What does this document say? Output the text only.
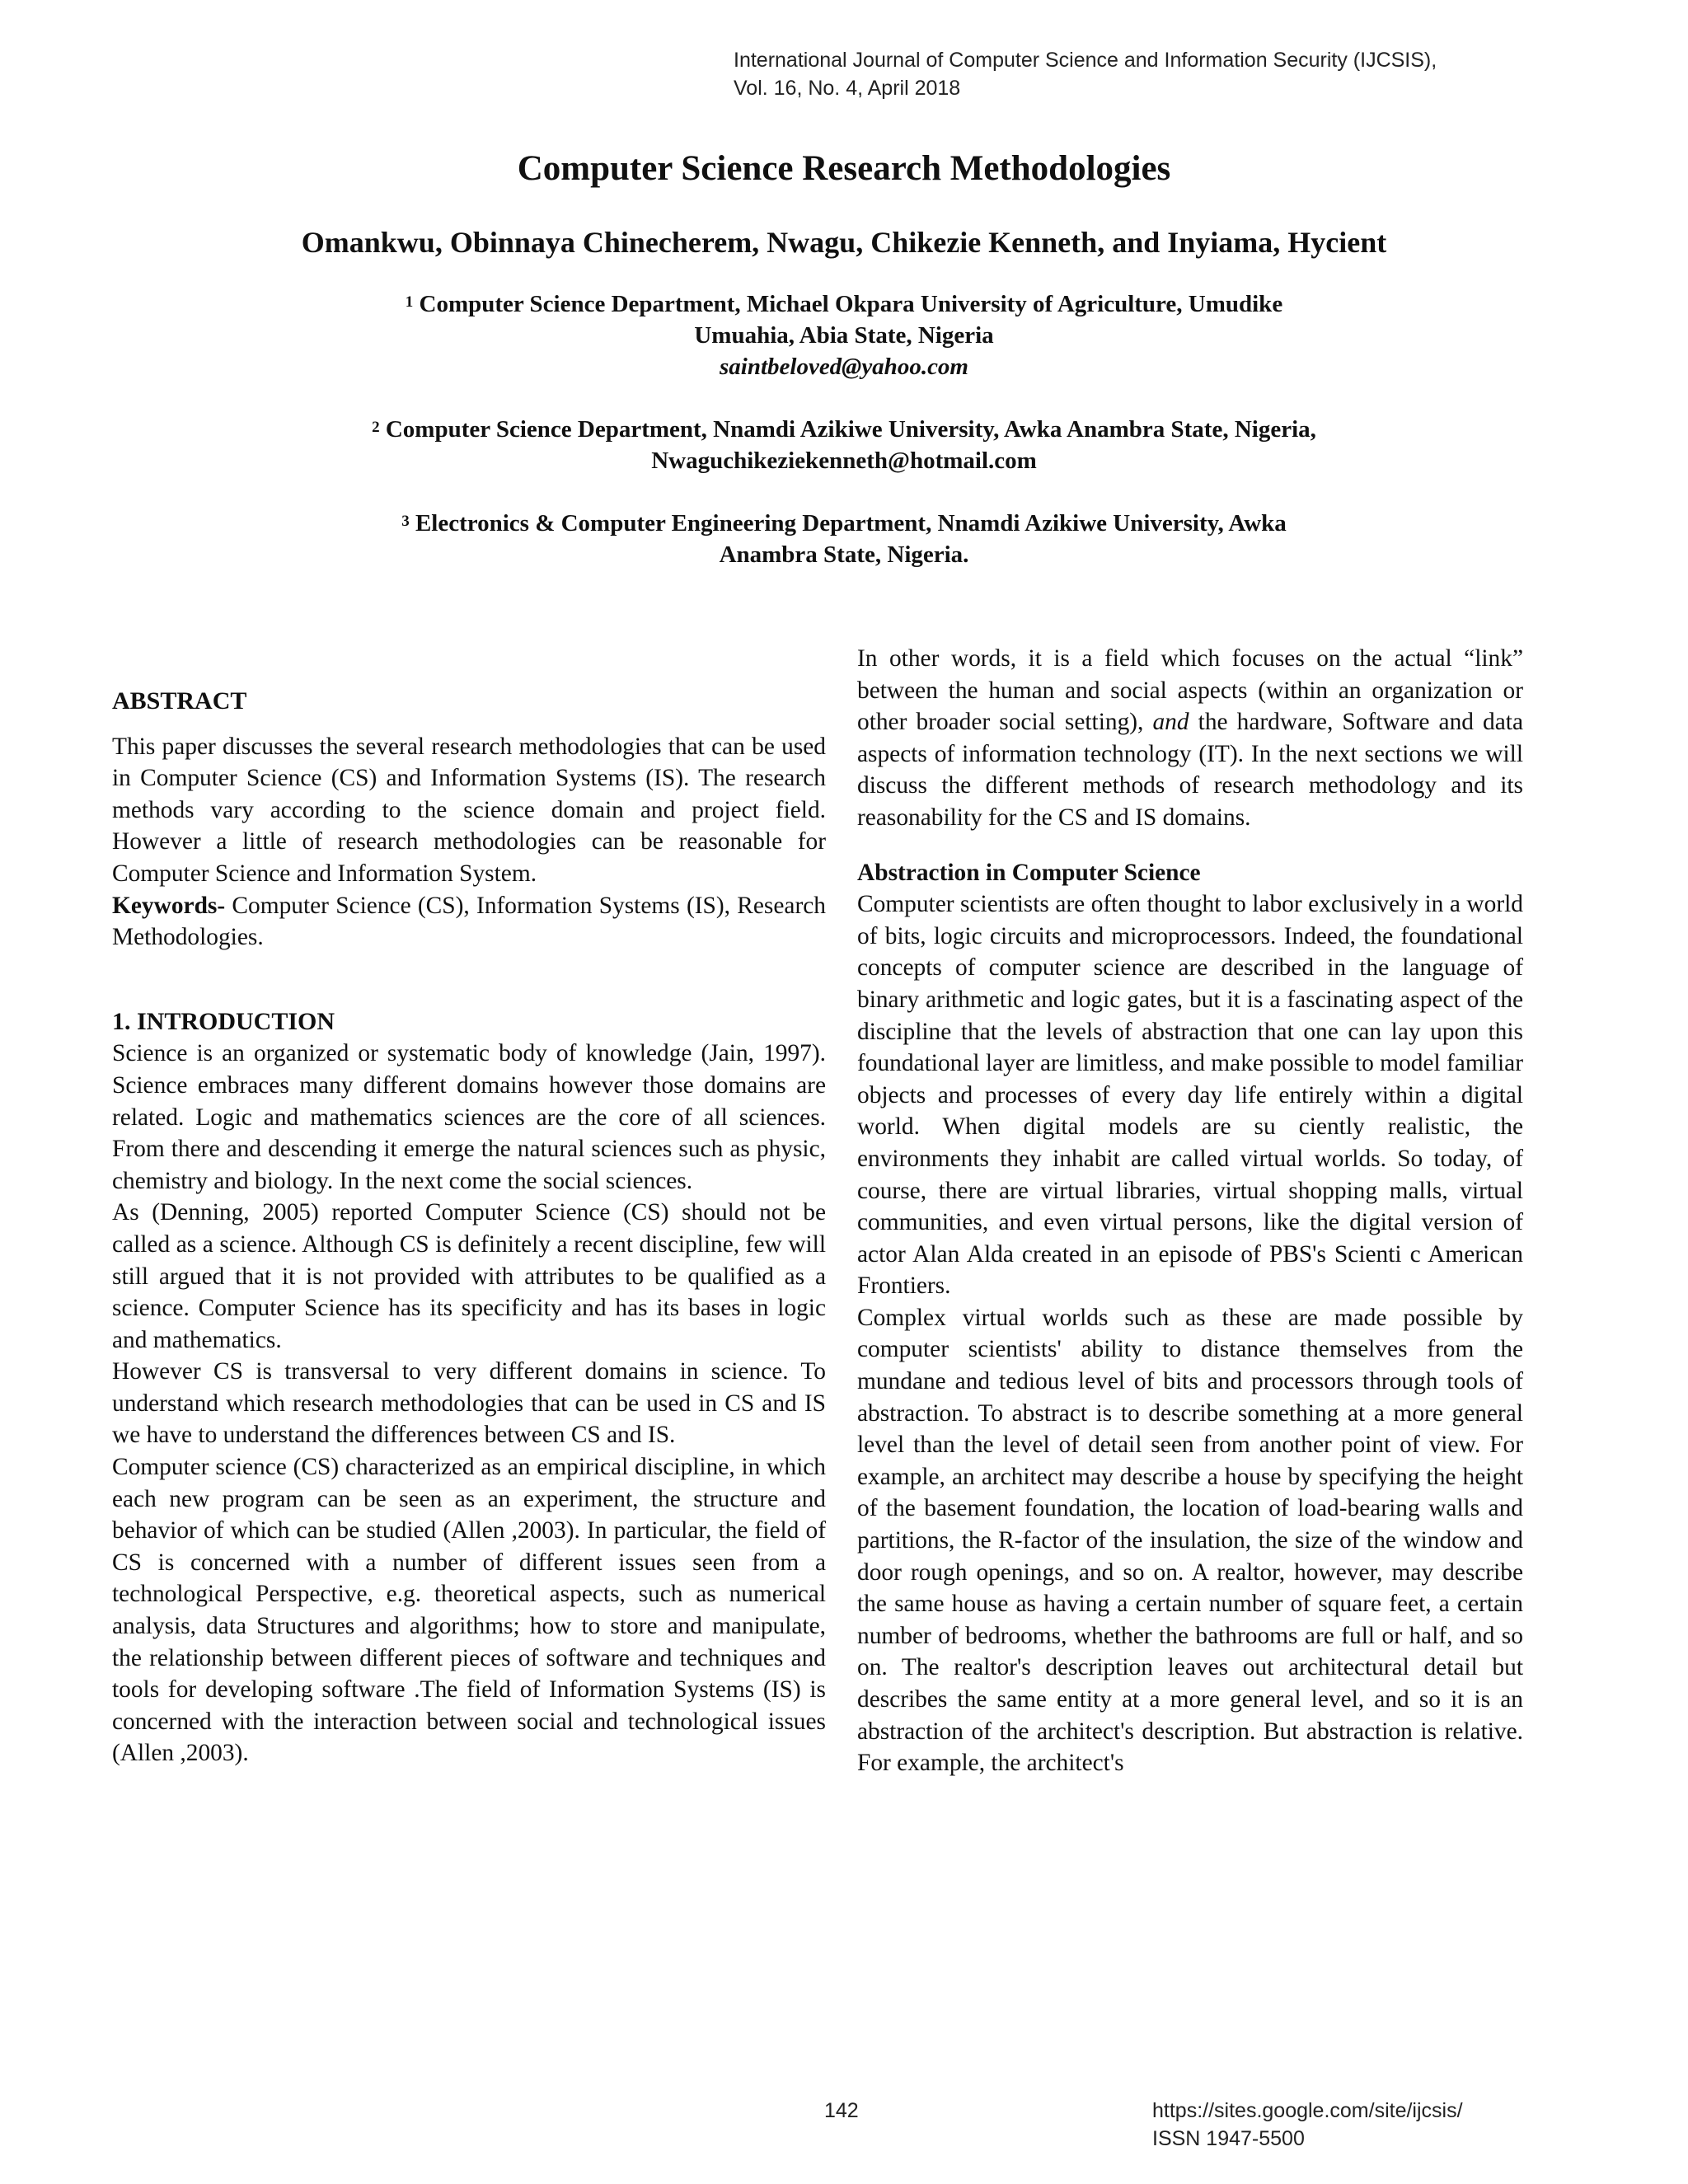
International Journal of Computer Science and Information Security (IJCSIS),
Vol. 16, No. 4, April 2018
Computer Science Research Methodologies
Omankwu, Obinnaya Chinecherem, Nwagu, Chikezie Kenneth, and Inyiama, Hycient
$^1$ Computer Science Department, Michael Okpara University of Agriculture, Umudike
Umuahia, Abia State, Nigeria
saintbeloved@yahoo.com
$^2$ Computer Science Department, Nnamdi Azikiwe University, Awka Anambra State, Nigeria,
Nwaguchikeziekenneth@hotmail.com
$^3$ Electronics & Computer Engineering Department, Nnamdi Azikiwe University, Awka
Anambra State, Nigeria.
ABSTRACT

This paper discusses the several research methodologies that can be used in Computer Science (CS) and Information Systems (IS). The research methods vary according to the science domain and project field. However a little of research methodologies can be reasonable for Computer Science and Information System.

Keywords- Computer Science (CS), Information Systems (IS), Research Methodologies.

1. INTRODUCTION

Science is an organized or systematic body of knowledge (Jain, 1997). Science embraces many different domains however those domains are related. Logic and mathematics sciences are the core of all sciences. From there and descending it emerge the natural sciences such as physic, chemistry and biology. In the next come the social sciences.

As (Denning, 2005) reported Computer Science (CS) should not be called as a science. Although CS is definitely a recent discipline, few will still argued that it is not provided with attributes to be qualified as a science. Computer Science has its specificity and has its bases in logic and mathematics.

However CS is transversal to very different domains in science. To understand which research methodologies that can be used in CS and IS we have to understand the differences between CS and IS.

Computer science (CS) characterized as an empirical discipline, in which each new program can be seen as an experiment, the structure and behavior of which can be studied (Allen ,2003). In particular, the field of CS is concerned with a number of different issues seen from a technological Perspective, e.g. theoretical aspects, such as numerical analysis, data Structures and algorithms; how to store and manipulate, the relationship between different pieces of software and techniques and tools for developing software .The field of Information Systems (IS) is concerned with the interaction between social and technological issues (Allen ,2003).

In other words, it is a field which focuses on the actual “link” between the human and social aspects (within an organization or other broader social setting), and the hardware, Software and data aspects of information technology (IT). In the next sections we will discuss the different methods of research methodology and its reasonability for the CS and IS domains.

Abstraction in Computer Science

Computer scientists are often thought to labor exclusively in a world of bits, logic circuits and microprocessors. Indeed, the foundational concepts of computer science are described in the language of binary arithmetic and logic gates, but it is a fascinating aspect of the discipline that the levels of abstraction that one can lay upon this foundational layer are limitless, and make possible to model familiar objects and processes of every day life entirely within a digital world. When digital models are su ciently realistic, the environments they inhabit are called virtual worlds. So today, of course, there are virtual libraries, virtual shopping malls, virtual communities, and even virtual persons, like the digital version of actor Alan Alda created in an episode of PBS's Scienti c American Frontiers.

Complex virtual worlds such as these are made possible by computer scientists' ability to distance themselves from the mundane and tedious level of bits and processors through tools of abstraction. To abstract is to describe something at a more general level than the level of detail seen from another point of view. For example, an architect may describe a house by specifying the height of the basement foundation, the location of load-bearing walls and partitions, the R-factor of the insulation, the size of the window and door rough openings, and so on. A realtor, however, may describe the same house as having a certain number of square feet, a certain number of bedrooms, whether the bathrooms are full or half, and so on. The realtor's description leaves out architectural detail but describes the same entity at a more general level, and so it is an abstraction of the architect's description. But abstraction is relative. For example, the architect's

142	https://sites.google.com/site/ijcsis/
ISSN 1947-5500
